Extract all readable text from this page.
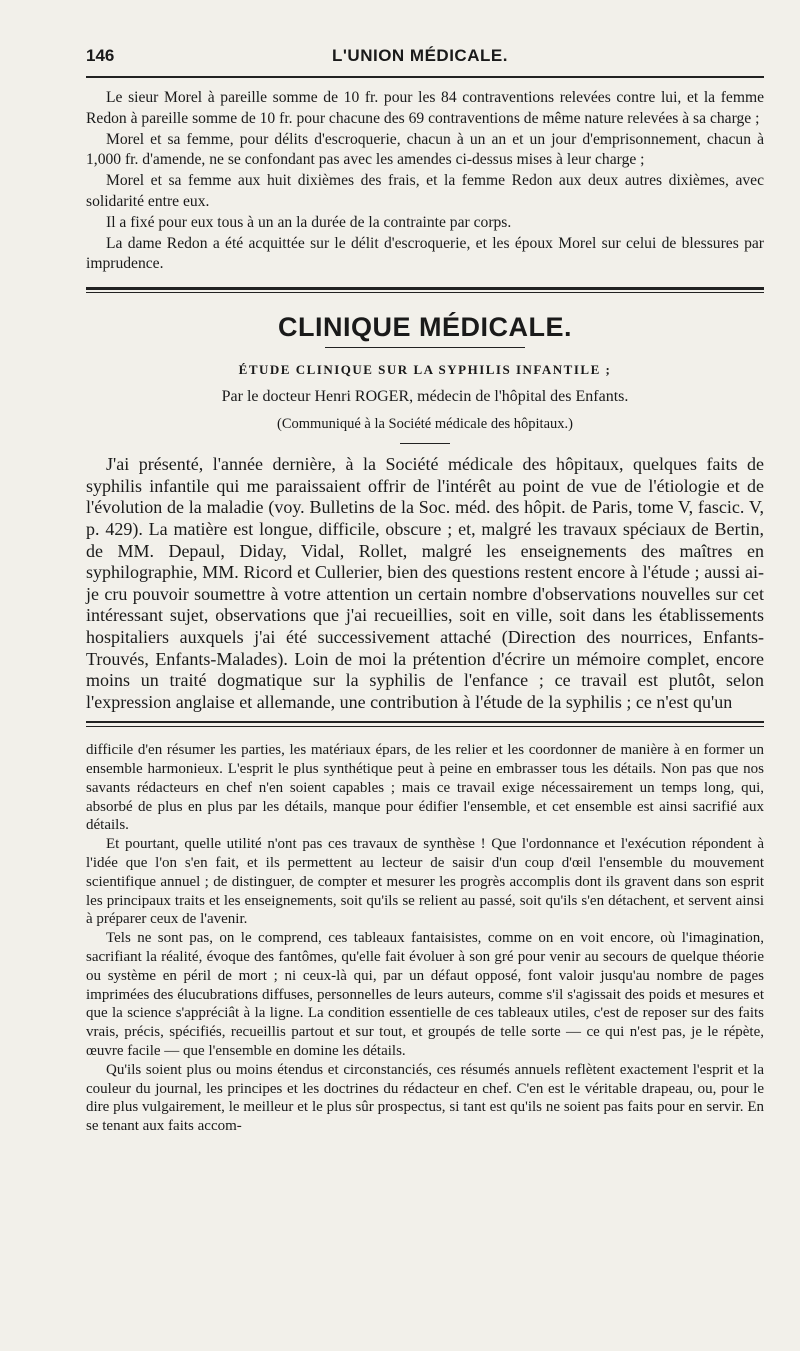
146	L'UNION MÉDICALE.

Le sieur Morel à pareille somme de 10 fr. pour les 84 contraventions relevées contre lui, et la femme Redon à pareille somme de 10 fr. pour chacune des 69 contraventions de même nature relevées à sa charge ;

Morel et sa femme, pour délits d'escroquerie, chacun à un an et un jour d'emprisonnement, chacun à 1,000 fr. d'amende, ne se confondant pas avec les amendes ci-dessus mises à leur charge ;

Morel et sa femme aux huit dixièmes des frais, et la femme Redon aux deux autres dixièmes, avec solidarité entre eux.

Il a fixé pour eux tous à un an la durée de la contrainte par corps.

La dame Redon a été acquittée sur le délit d'escroquerie, et les époux Morel sur celui de blessures par imprudence.

CLINIQUE MÉDICALE.
ÉTUDE CLINIQUE SUR LA SYPHILIS INFANTILE ;
Par le docteur Henri ROGER, médecin de l'hôpital des Enfants.
(Communiqué à la Société médicale des hôpitaux.)

J'ai présenté, l'année dernière, à la Société médicale des hôpitaux, quelques faits de syphilis infantile qui me paraissaient offrir de l'intérêt au point de vue de l'étiologie et de l'évolution de la maladie (voy. Bulletins de la Soc. méd. des hôpit. de Paris, tome V, fascic. V, p. 429). La matière est longue, difficile, obscure ; et, malgré les travaux spéciaux de Bertin, de MM. Depaul, Diday, Vidal, Rollet, malgré les enseignements des maîtres en syphilographie, MM. Ricord et Cullerier, bien des questions restent encore à l'étude ; aussi ai-je cru pouvoir soumettre à votre attention un certain nombre d'observations nouvelles sur cet intéressant sujet, observations que j'ai recueillies, soit en ville, soit dans les établissements hospitaliers auxquels j'ai été successivement attaché (Direction des nourrices, Enfants-Trouvés, Enfants-Malades). Loin de moi la prétention d'écrire un mémoire complet, encore moins un traité dogmatique sur la syphilis de l'enfance ; ce travail est plutôt, selon l'expression anglaise et allemande, une contribution à l'étude de la syphilis ; ce n'est qu'un

difficile d'en résumer les parties, les matériaux épars, de les relier et les coordonner de manière à en former un ensemble harmonieux. L'esprit le plus synthétique peut à peine en embrasser tous les détails. Non pas que nos savants rédacteurs en chef n'en soient capables ; mais ce travail exige nécessairement un temps long, qui, absorbé de plus en plus par les détails, manque pour édifier l'ensemble, et cet ensemble est ainsi sacrifié aux détails.

Et pourtant, quelle utilité n'ont pas ces travaux de synthèse ! Que l'ordonnance et l'exécution répondent à l'idée que l'on s'en fait, et ils permettent au lecteur de saisir d'un coup d'œil l'ensemble du mouvement scientifique annuel ; de distinguer, de compter et mesurer les progrès accomplis dont ils gravent dans son esprit les principaux traits et les enseignements, soit qu'ils se relient au passé, soit qu'ils s'en détachent, et servent ainsi à préparer ceux de l'avenir.

Tels ne sont pas, on le comprend, ces tableaux fantaisistes, comme on en voit encore, où l'imagination, sacrifiant la réalité, évoque des fantômes, qu'elle fait évoluer à son gré pour venir au secours de quelque théorie ou système en péril de mort ; ni ceux-là qui, par un défaut opposé, font valoir jusqu'au nombre de pages imprimées des élucubrations diffuses, personnelles de leurs auteurs, comme s'il s'agissait des poids et mesures et que la science s'appréciât à la ligne. La condition essentielle de ces tableaux utiles, c'est de reposer sur des faits vrais, précis, spécifiés, recueillis partout et sur tout, et groupés de telle sorte — ce qui n'est pas, je le répète, œuvre facile — que l'ensemble en domine les détails.

Qu'ils soient plus ou moins étendus et circonstanciés, ces résumés annuels reflètent exactement l'esprit et la couleur du journal, les principes et les doctrines du rédacteur en chef. C'en est le véritable drapeau, ou, pour le dire plus vulgairement, le meilleur et le plus sûr prospectus, si tant est qu'ils ne soient pas faits pour en servir. En se tenant aux faits accom-
